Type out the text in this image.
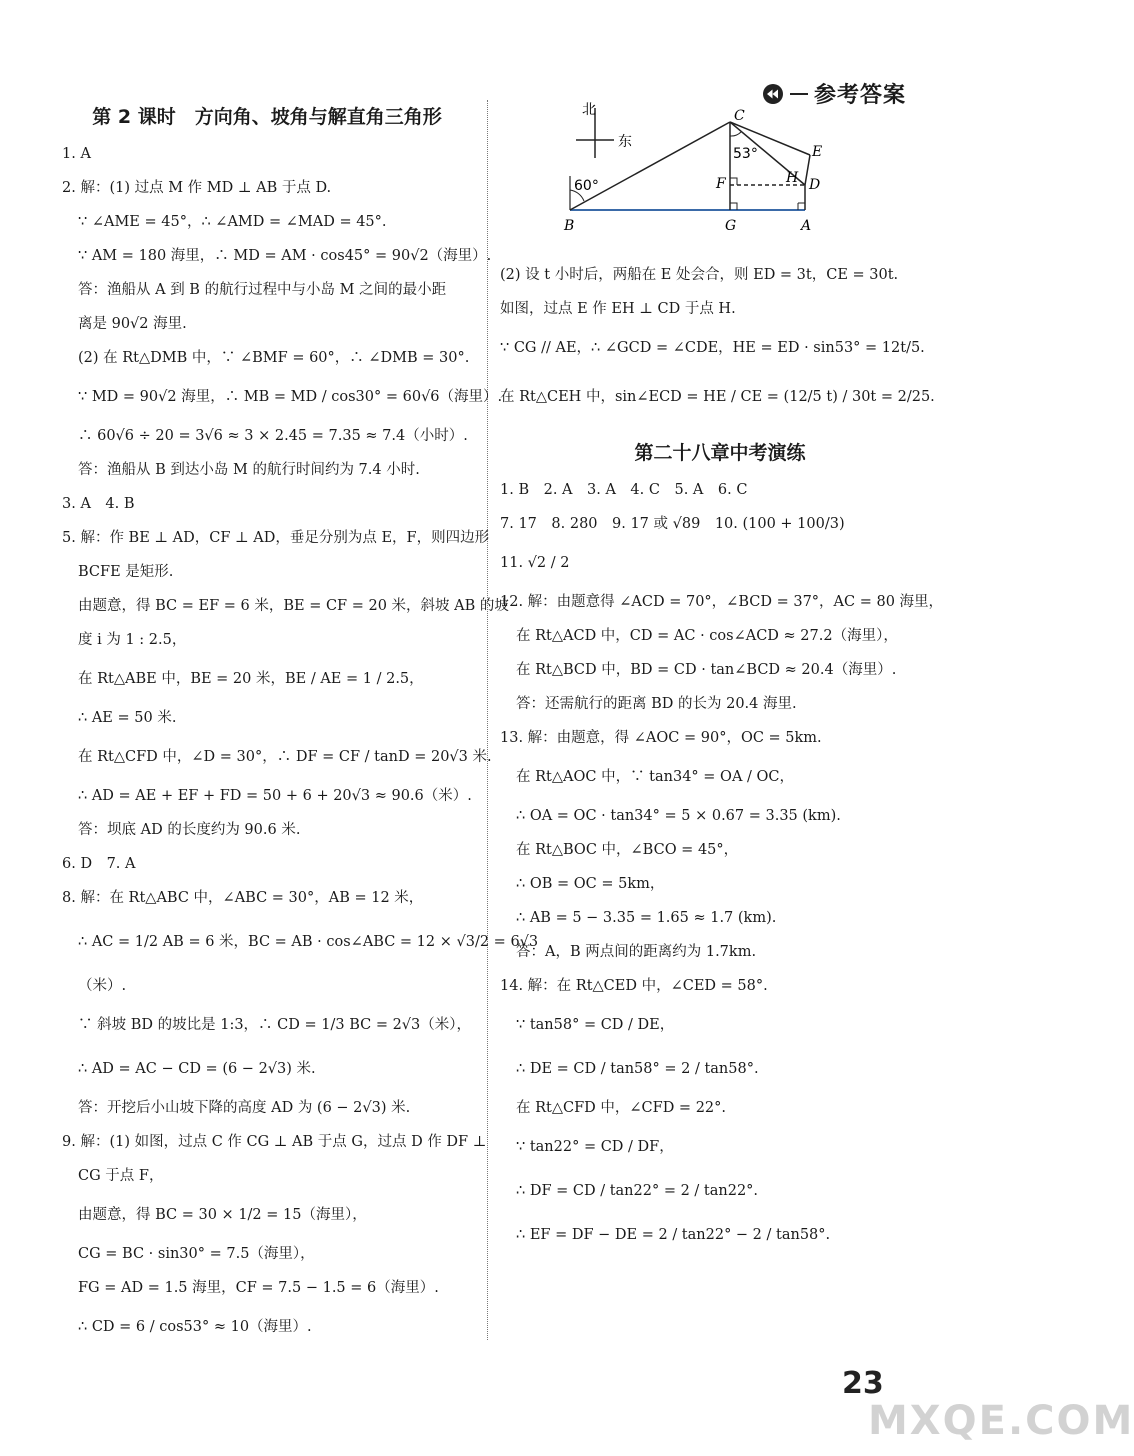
参考答案
第 2 课时　方向角、坡角与解直角三角形
1. A
2. 解：(1) 过点 M 作 MD ⊥ AB 于点 D.
∵ ∠AME = 45°，∴ ∠AMD = ∠MAD = 45°.
∵ AM = 180 海里，∴ MD = AM · cos45° = 90√2（海里）.
答：渔船从 A 到 B 的航行过程中与小岛 M 之间的最小距
离是 90√2 海里.
(2) 在 Rt△DMB 中，∵ ∠BMF = 60°，∴ ∠DMB = 30°.
∵ MD = 90√2 海里，∴ MB = MD / cos30° = 60√6（海里）.
∴ 60√6 ÷ 20 = 3√6 ≈ 3 × 2.45 = 7.35 ≈ 7.4（小时）.
答：渔船从 B 到达小岛 M 的航行时间约为 7.4 小时.
3. A　4. B
5. 解：作 BE ⊥ AD，CF ⊥ AD，垂足分别为点 E，F，则四边形
BCFE 是矩形.
由题意，得 BC = EF = 6 米，BE = CF = 20 米，斜坡 AB 的坡
度 i 为 1 : 2.5，
在 Rt△ABE 中，BE = 20 米，BE / AE = 1 / 2.5，
∴ AE = 50 米.
在 Rt△CFD 中，∠D = 30°，∴ DF = CF / tanD = 20√3 米.
∴ AD = AE + EF + FD = 50 + 6 + 20√3 ≈ 90.6（米）.
答：坝底 AD 的长度约为 90.6 米.
6. D　7. A
8. 解：在 Rt△ABC 中，∠ABC = 30°，AB = 12 米，
∴ AC = 1/2 AB = 6 米，BC = AB · cos∠ABC = 12 × √3/2 = 6√3
（米）.
∵ 斜坡 BD 的坡比是 1:3，∴ CD = 1/3 BC = 2√3（米），
∴ AD = AC − CD = (6 − 2√3) 米.
答：开挖后小山坡下降的高度 AD 为 (6 − 2√3) 米.
9. 解：(1) 如图，过点 C 作 CG ⊥ AB 于点 G，过点 D 作 DF ⊥
CG 于点 F，
由题意，得 BC = 30 × 1/2 = 15（海里），
CG = BC · sin30° = 7.5（海里），
FG = AD = 1.5 海里，CF = 7.5 − 1.5 = 6（海里）.
∴ CD = 6 / cos53° ≈ 10（海里）.
北
东
60°
53°
B	G	A
C
D
E
F	H
(2) 设 t 小时后，两船在 E 处会合，则 ED = 3t，CE = 30t.
如图，过点 E 作 EH ⊥ CD 于点 H.
∵ CG // AE，∴ ∠GCD = ∠CDE，HE = ED · sin53° = 12t/5.
在 Rt△CEH 中，sin∠ECD = HE / CE = (12/5 t) / 30t = 2/25.
第二十八章中考演练
1. B　2. A　3. A　4. C　5. A　6. C
7. 17　8. 280　9. 17 或 √89　10. (100 + 100/3)
11. √2 / 2
12. 解：由题意得 ∠ACD = 70°，∠BCD = 37°，AC = 80 海里，
在 Rt△ACD 中，CD = AC · cos∠ACD ≈ 27.2（海里），
在 Rt△BCD 中，BD = CD · tan∠BCD ≈ 20.4（海里）.
答：还需航行的距离 BD 的长为 20.4 海里.
13. 解：由题意，得 ∠AOC = 90°，OC = 5km.
在 Rt△AOC 中，∵ tan34° = OA / OC，
∴ OA = OC · tan34° = 5 × 0.67 = 3.35 (km).
在 Rt△BOC 中，∠BCO = 45°，
∴ OB = OC = 5km，
∴ AB = 5 − 3.35 = 1.65 ≈ 1.7 (km).
答：A，B 两点间的距离约为 1.7km.
14. 解：在 Rt△CED 中，∠CED = 58°.
∵ tan58° = CD / DE，
∴ DE = CD / tan58° = 2 / tan58°.
在 Rt△CFD 中，∠CFD = 22°.
∵ tan22° = CD / DF，
∴ DF = CD / tan22° = 2 / tan22°.
∴ EF = DF − DE = 2 / tan22° − 2 / tan58°.
23
MXQE.COM
